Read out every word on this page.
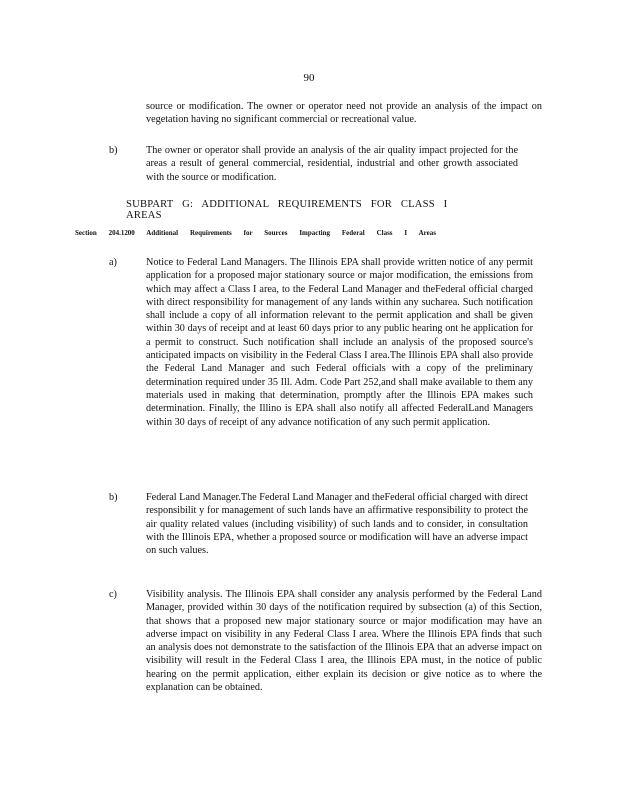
90
source or modification. The owner or operator need not provide an analysis of the impact on vegetation having no significant commercial or recreational value.
b)	The owner or operator shall provide an analysis of the air quality impact projected for the areas a result of general commercial, residential, industrial and other growth associated with the source or modification.
SUBPART G: ADDITIONAL REQUIREMENTS FOR CLASS I AREAS
Section 204.1200 Additional Requirements for Sources Impacting Federal Class I Areas
a)	Notice to Federal Land Managers. The Illinois EPA shall provide written notice of any permit application for a proposed major stationary source or major modification, the emissions from which may affect a Class I area, to the Federal Land Manager and theFederal official charged with direct responsibility for management of any lands within any sucharea. Such notification shall include a copy of all information relevant to the permit application and shall be given within 30 days of receipt and at least 60 days prior to any public hearing ont he application for a permit to construct. Such notification shall include an analysis of the proposed source's anticipated impacts on visibility in the Federal Class I area.The Illinois EPA shall also provide the Federal Land Manager and such Federal officials with a copy of the preliminary determination required under 35 Ill. Adm. Code Part 252,and shall make available to them any materials used in making that determination, promptly after the Illinois EPA makes such determination. Finally, the Illino is EPA shall also notify all affected FederalLand Managers within 30 days of receipt of any advance notification of any such permit application.
b)	Federal Land Manager.The Federal Land Manager and theFederal official charged with direct responsibilit y for management of such lands have an affirmative responsibility to protect the air quality related values (including visibility) of such lands and to consider, in consultation with the Illinois EPA, whether a proposed source or modification will have an adverse impact on such values.
c)	Visibility analysis. The Illinois EPA shall consider any analysis performed by the Federal Land Manager, provided within 30 days of the notification required by subsection (a) of this Section, that shows that a proposed new major stationary source or major modification may have an adverse impact on visibility in any Federal Class I area. Where the Illinois EPA finds that such an analysis does not demonstrate to the satisfaction of the Illinois EPA that an adverse impact on visibility will result in the Federal Class I area, the Illinois EPA must, in the notice of public hearing on the permit application, either explain its decision or give notice as to where the explanation can be obtained.
